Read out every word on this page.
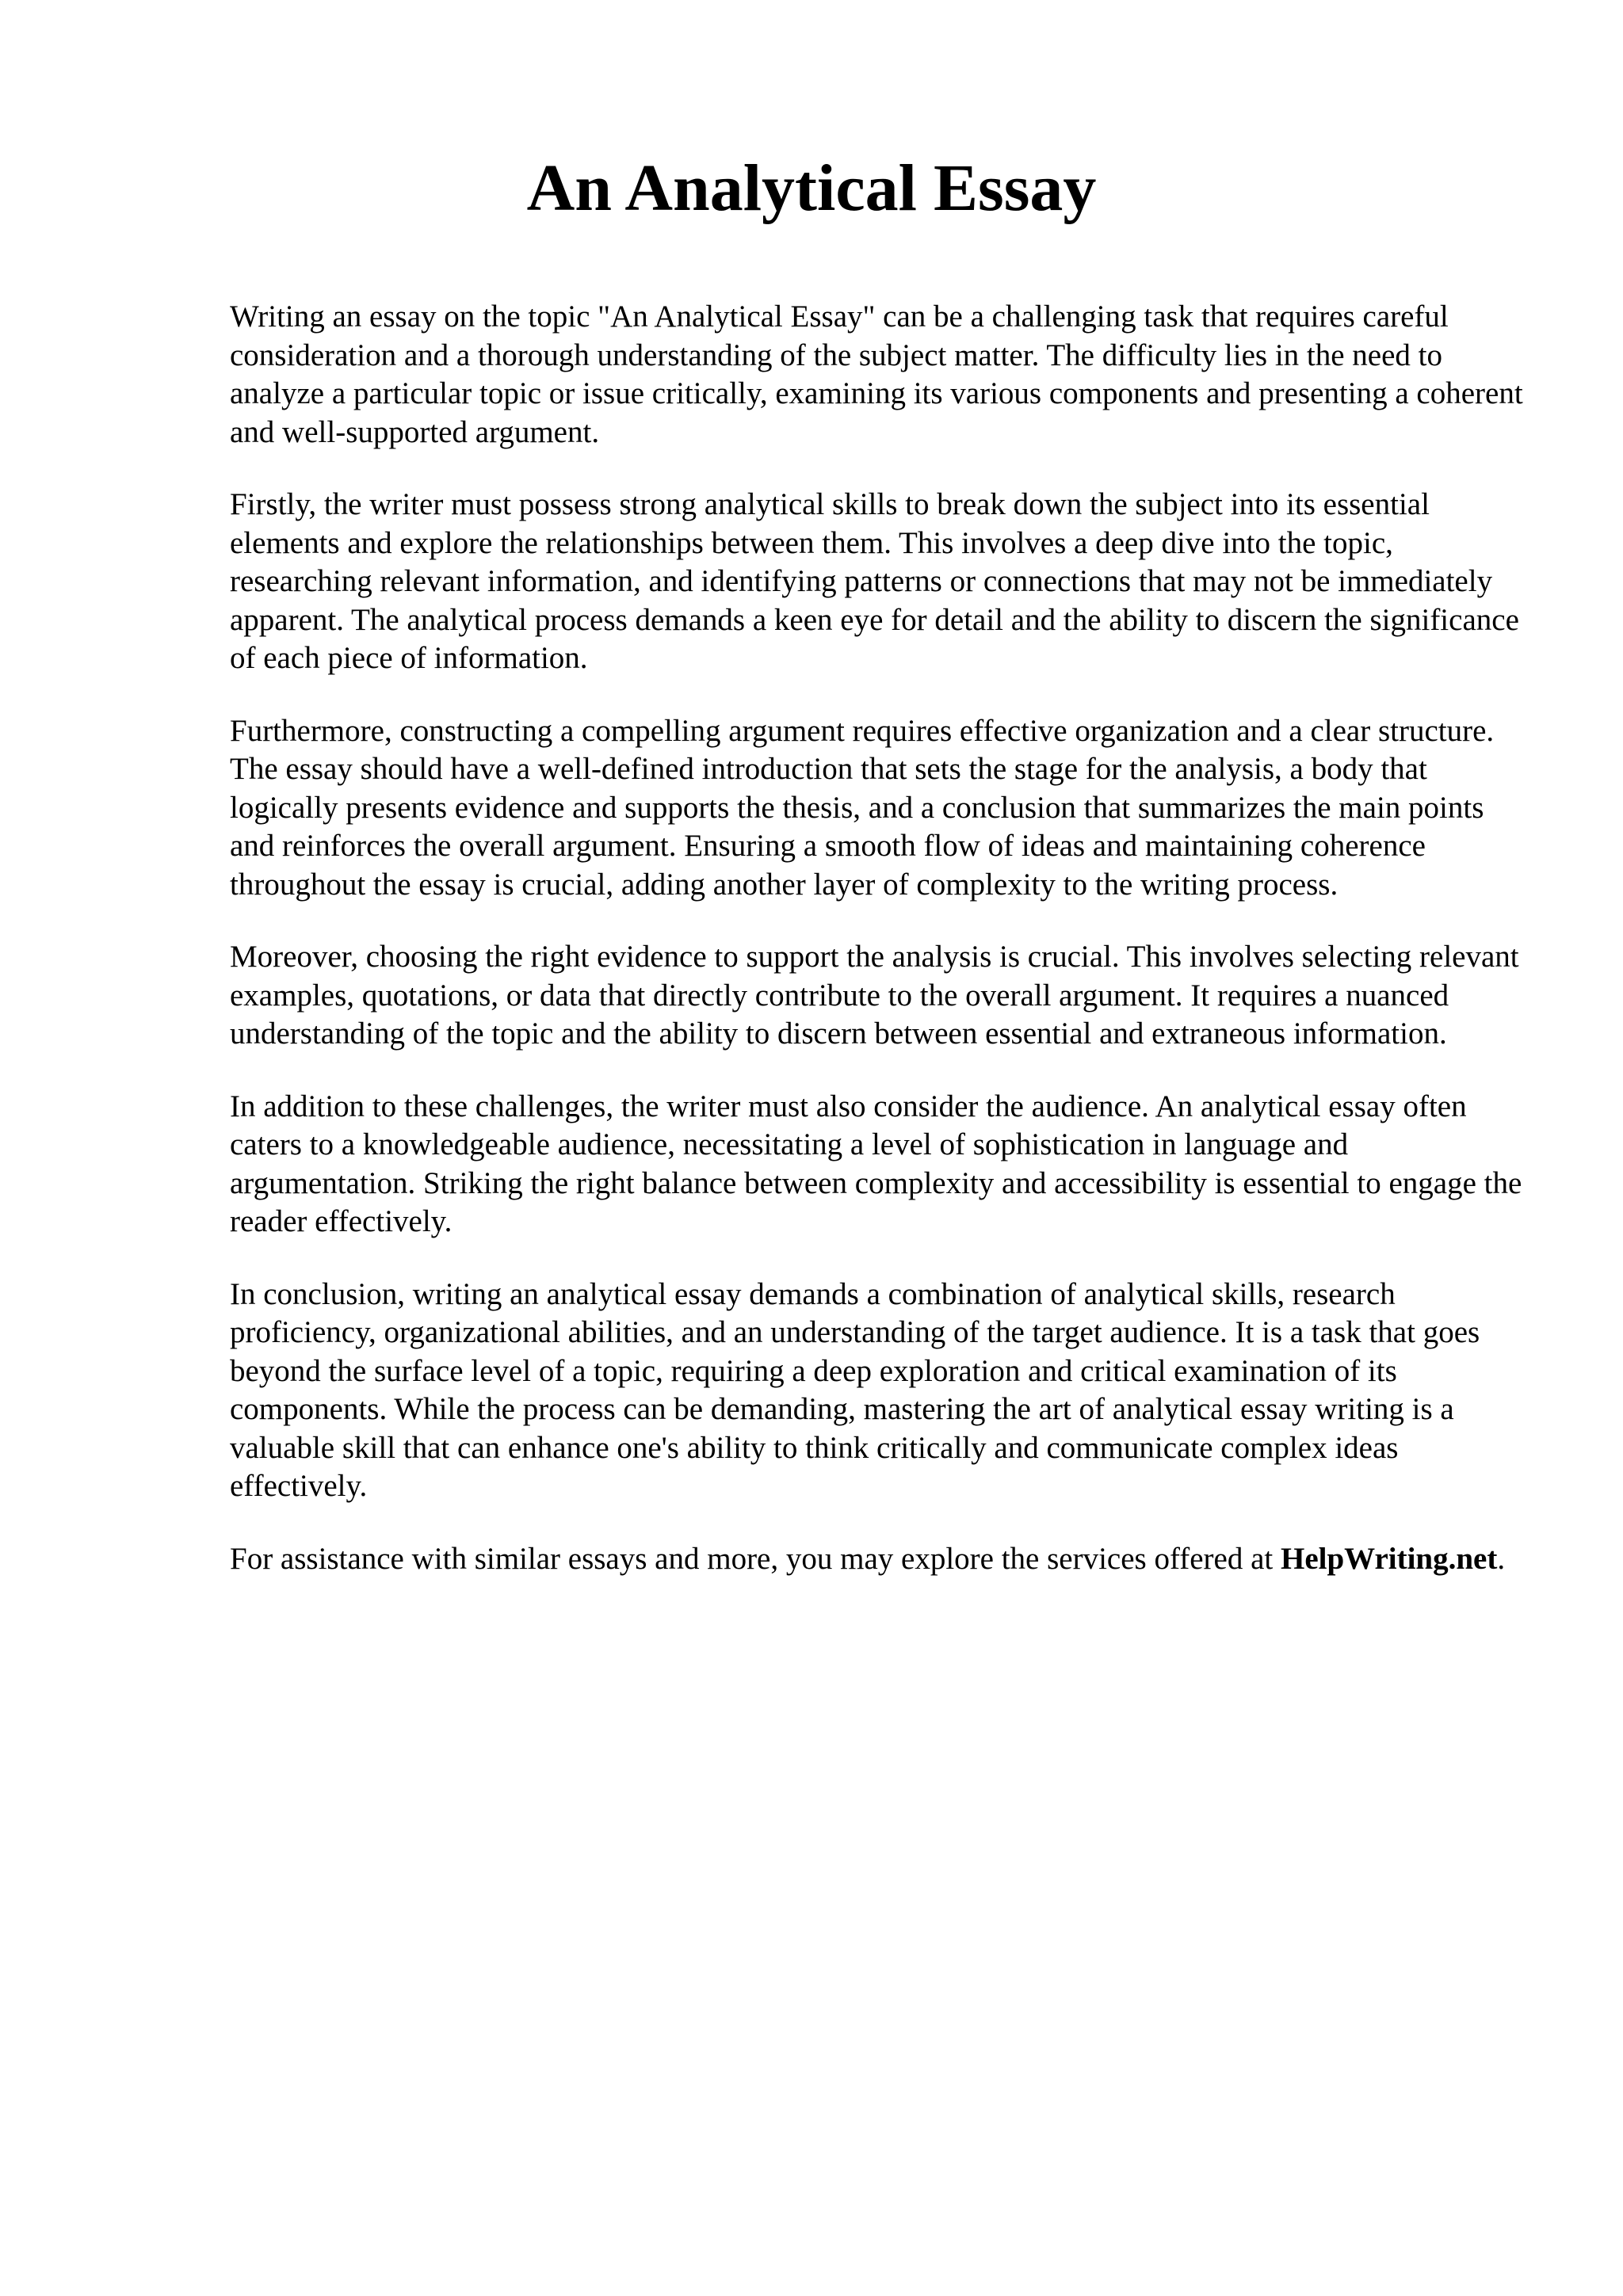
An Analytical Essay

Writing an essay on the topic "An Analytical Essay" can be a challenging task that requires careful consideration and a thorough understanding of the subject matter. The difficulty lies in the need to analyze a particular topic or issue critically, examining its various components and presenting a coherent and well-supported argument.

Firstly, the writer must possess strong analytical skills to break down the subject into its essential elements and explore the relationships between them. This involves a deep dive into the topic, researching relevant information, and identifying patterns or connections that may not be immediately apparent. The analytical process demands a keen eye for detail and the ability to discern the significance of each piece of information.

Furthermore, constructing a compelling argument requires effective organization and a clear structure. The essay should have a well-defined introduction that sets the stage for the analysis, a body that logically presents evidence and supports the thesis, and a conclusion that summarizes the main points and reinforces the overall argument. Ensuring a smooth flow of ideas and maintaining coherence throughout the essay is crucial, adding another layer of complexity to the writing process.

Moreover, choosing the right evidence to support the analysis is crucial. This involves selecting relevant examples, quotations, or data that directly contribute to the overall argument. It requires a nuanced understanding of the topic and the ability to discern between essential and extraneous information.

In addition to these challenges, the writer must also consider the audience. An analytical essay often caters to a knowledgeable audience, necessitating a level of sophistication in language and argumentation. Striking the right balance between complexity and accessibility is essential to engage the reader effectively.

In conclusion, writing an analytical essay demands a combination of analytical skills, research proficiency, organizational abilities, and an understanding of the target audience. It is a task that goes beyond the surface level of a topic, requiring a deep exploration and critical examination of its components. While the process can be demanding, mastering the art of analytical essay writing is a valuable skill that can enhance one's ability to think critically and communicate complex ideas effectively.

For assistance with similar essays and more, you may explore the services offered at HelpWriting.net.
